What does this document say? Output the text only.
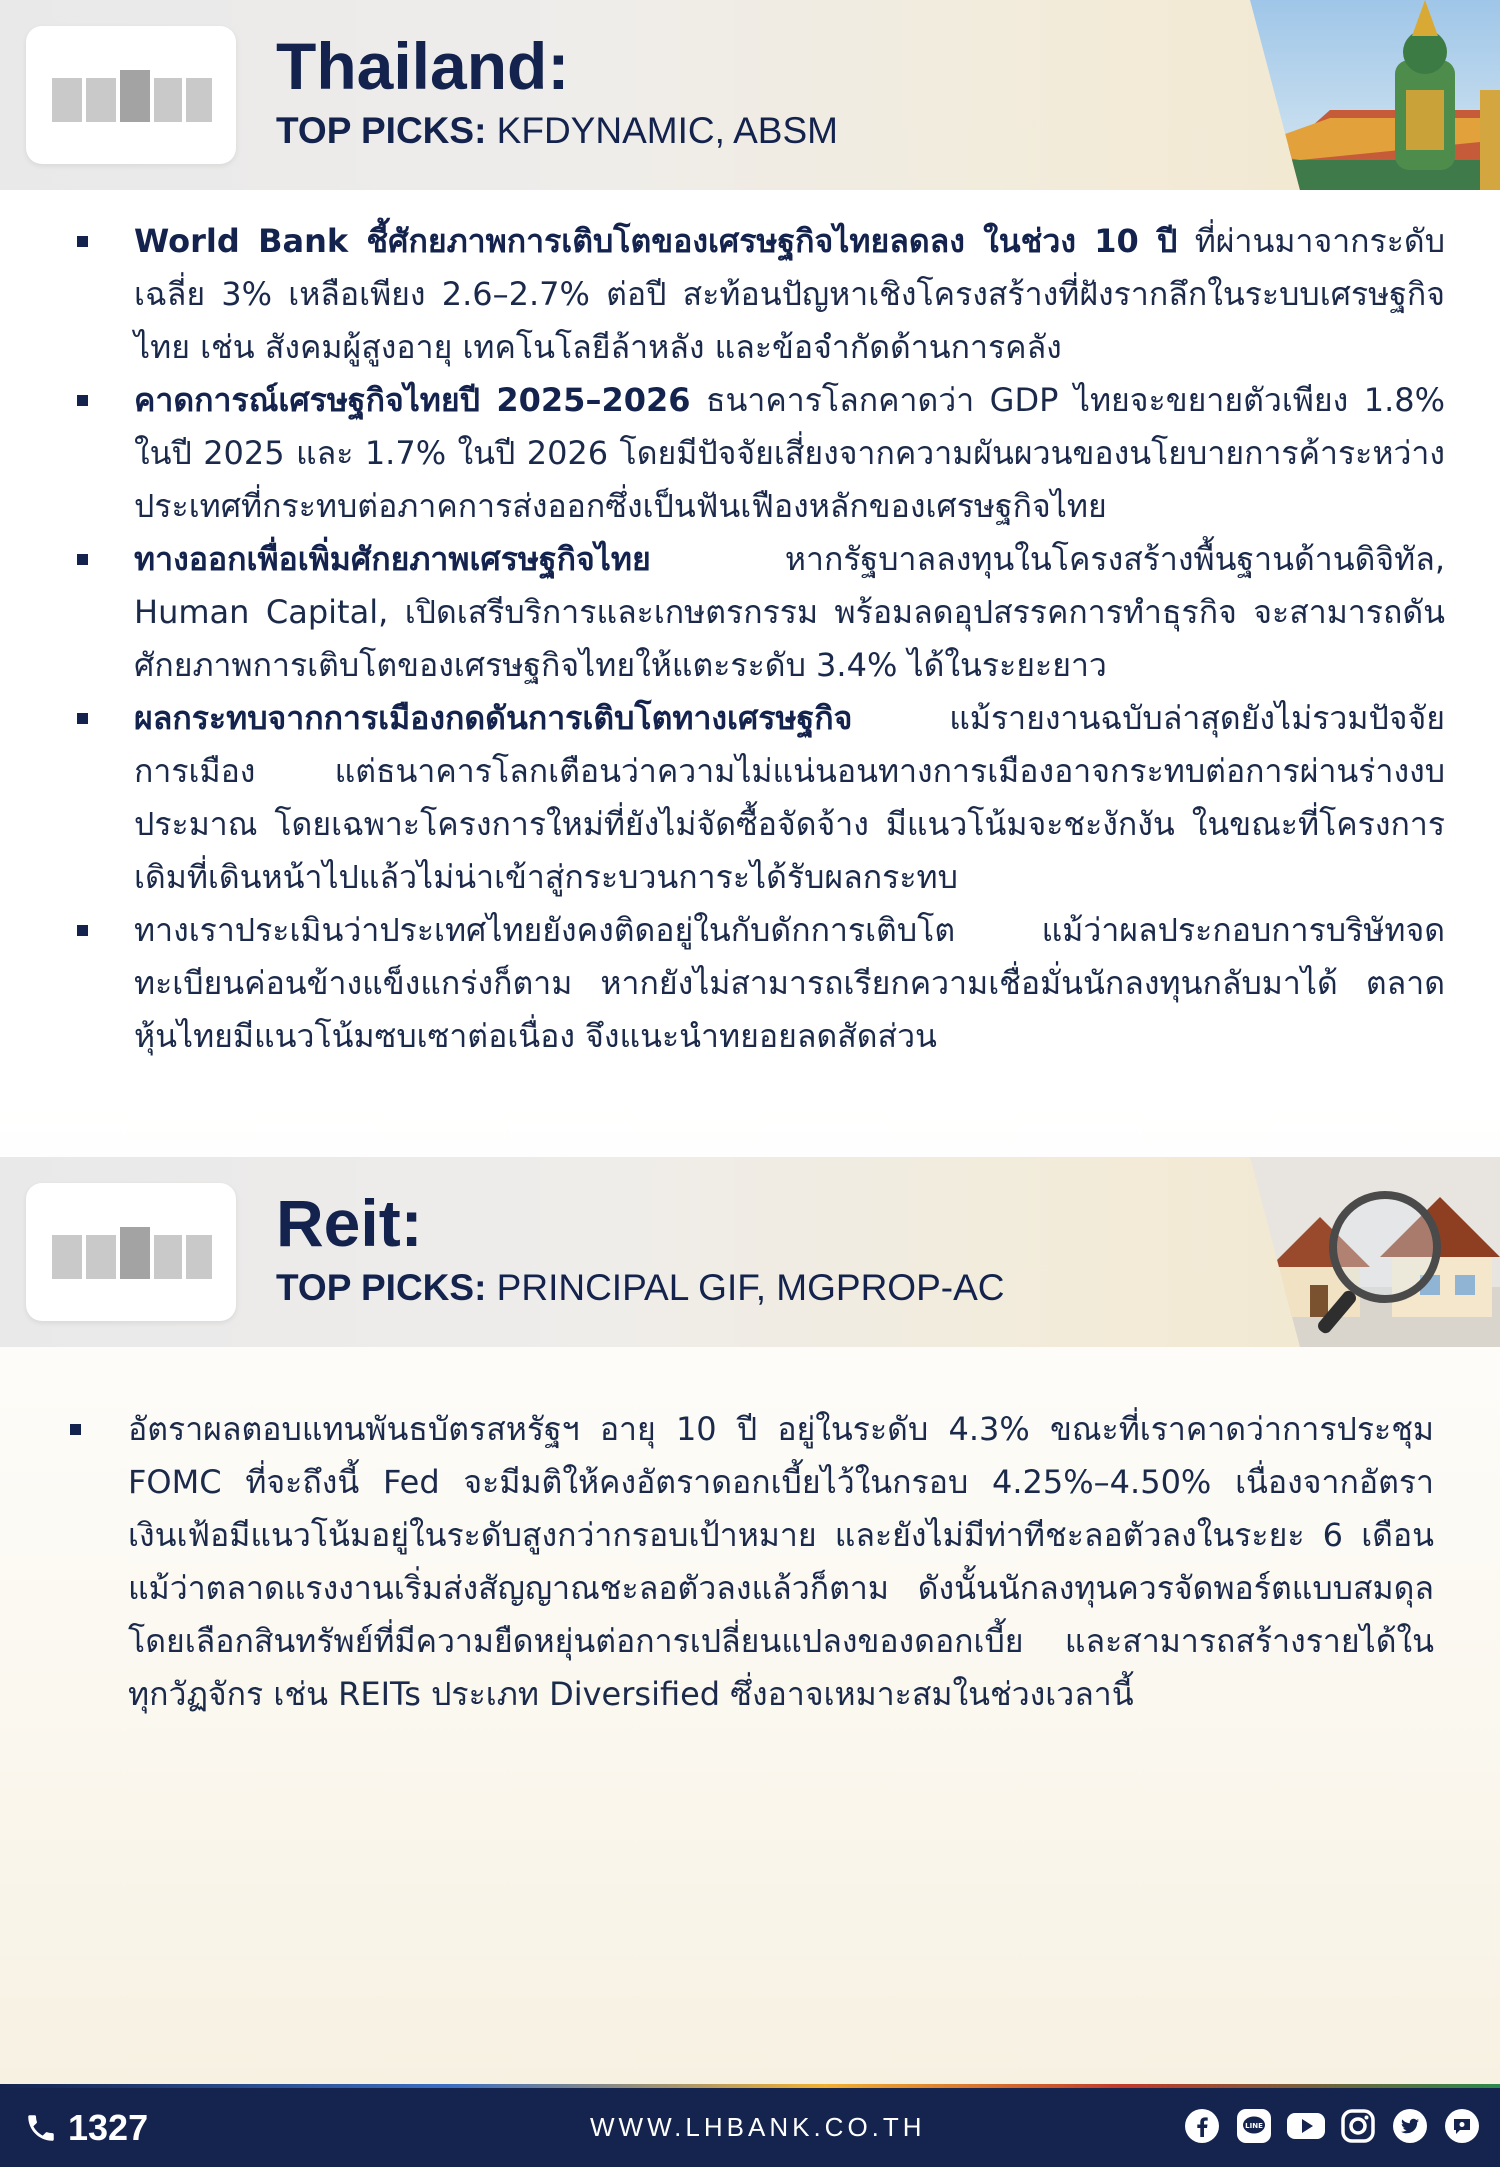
Thailand:
TOP PICKS: KFDYNAMIC, ABSM

World Bank ชี้ศักยภาพการเติบโตของเศรษฐกิจไทยลดลง ในช่วง 10 ปี ที่ผ่านมาจากระดับเฉลี่ย 3% เหลือเพียง 2.6–2.7% ต่อปี สะท้อนปัญหาเชิงโครงสร้างที่ฝังรากลึกในระบบเศรษฐกิจไทย เช่น สังคมผู้สูงอายุ เทคโนโลยีล้าหลัง และข้อจำกัดด้านการคลัง

คาดการณ์เศรษฐกิจไทยปี 2025–2026 ธนาคารโลกคาดว่า GDP ไทยจะขยายตัวเพียง 1.8% ในปี 2025 และ 1.7% ในปี 2026 โดยมีปัจจัยเสี่ยงจากความผันผวนของนโยบายการค้าระหว่างประเทศที่กระทบต่อภาคการส่งออกซึ่งเป็นฟันเฟืองหลักของเศรษฐกิจไทย

ทางออกเพื่อเพิ่มศักยภาพเศรษฐกิจไทย หากรัฐบาลลงทุนในโครงสร้างพื้นฐานด้านดิจิทัล, Human Capital, เปิดเสรีบริการและเกษตรกรรม พร้อมลดอุปสรรคการทำธุรกิจ จะสามารถดันศักยภาพการเติบโตของเศรษฐกิจไทยให้แตะระดับ 3.4% ได้ในระยะยาว

ผลกระทบจากการเมืองกดดันการเติบโตทางเศรษฐกิจ แม้รายงานฉบับล่าสุดยังไม่รวมปัจจัยการเมือง แต่ธนาคารโลกเตือนว่าความไม่แน่นอนทางการเมืองอาจกระทบต่อการผ่านร่างงบประมาณ โดยเฉพาะโครงการใหม่ที่ยังไม่จัดซื้อจัดจ้าง มีแนวโน้มจะชะงักงัน ในขณะที่โครงการเดิมที่เดินหน้าไปแล้วไม่น่าเข้าสู่กระบวนการะได้รับผลกระทบ

ทางเราประเมินว่าประเทศไทยยังคงติดอยู่ในกับดักการเติบโต แม้ว่าผลประกอบการบริษัทจดทะเบียนค่อนข้างแข็งแกร่งก็ตาม หากยังไม่สามารถเรียกความเชื่อมั่นนักลงทุนกลับมาได้ ตลาดหุ้นไทยมีแนวโน้มซบเซาต่อเนื่อง จึงแนะนำทยอยลดสัดส่วน

Reit:
TOP PICKS: PRINCIPAL GIF, MGPROP-AC

อัตราผลตอบแทนพันธบัตรสหรัฐฯ อายุ 10 ปี อยู่ในระดับ 4.3% ขณะที่เราคาดว่าการประชุม FOMC ที่จะถึงนี้ Fed จะมีมติให้คงอัตราดอกเบี้ยไว้ในกรอบ 4.25%–4.50% เนื่องจากอัตราเงินเฟ้อมีแนวโน้มอยู่ในระดับสูงกว่ากรอบเป้าหมาย และยังไม่มีท่าทีชะลอตัวลงในระยะ 6 เดือน แม้ว่าตลาดแรงงานเริ่มส่งสัญญาณชะลอตัวลงแล้วก็ตาม ดังนั้นนักลงทุนควรจัดพอร์ตแบบสมดุล โดยเลือกสินทรัพย์ที่มีความยืดหยุ่นต่อการเปลี่ยนแปลงของดอกเบี้ย และสามารถสร้างรายได้ในทุกวัฏจักร เช่น REITs ประเภท Diversified ซึ่งอาจเหมาะสมในช่วงเวลานี้

1327	WWW.LHBANK.CO.TH	LINE
